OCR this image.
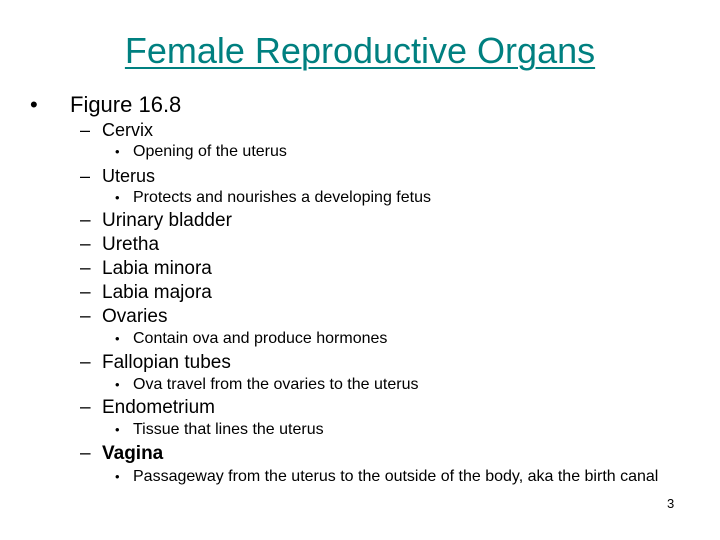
Female Reproductive Organs
• Figure 16.8
– Cervix
• Opening of the uterus
– Uterus
• Protects and nourishes a developing fetus
– Urinary bladder
– Uretha
– Labia minora
– Labia majora
– Ovaries
• Contain ova and produce hormones
– Fallopian tubes
• Ova travel from the ovaries to the uterus
– Endometrium
• Tissue that lines the uterus
– Vagina
• Passageway from the uterus to the outside of the body, aka the birth canal
3
